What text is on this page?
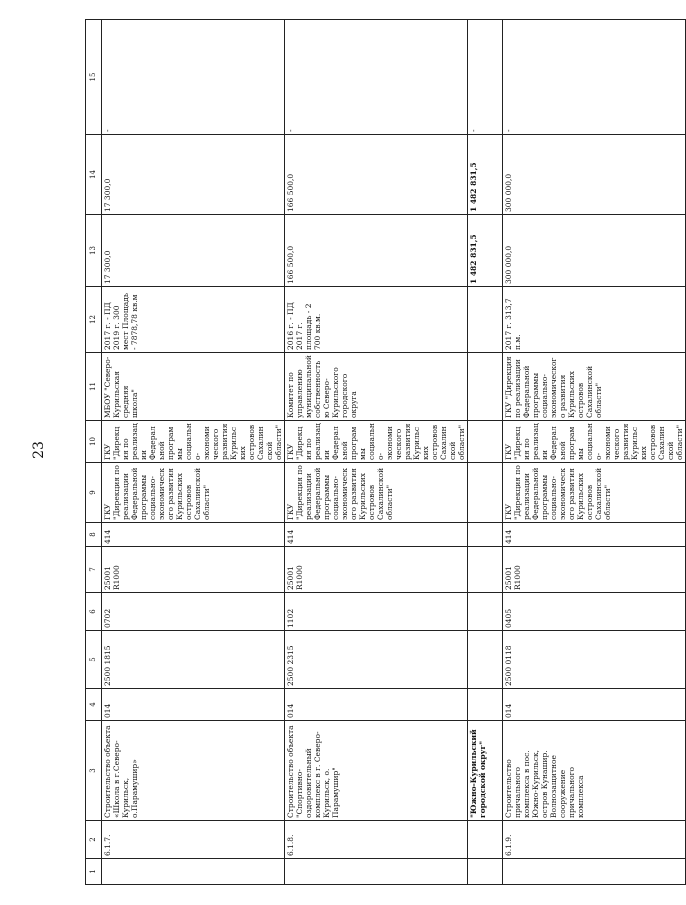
23
1	2	3	4	5	6	7	8	9	10	11	12	13	14	15
	6.1.7.	Строительство объекта «Школа в г.Северо-Курильск, о.Парамушир»	014	2500 1815	0702	25001 R1000	414	ГКУ "Дирекция по реализации Федеральной программы социально-экономического развития Курильских островов Сахалинской области"	ГКУ "Дирекция по реализации Федеральной программы социально-экономического развития Курильских островов Сахалинской области"	МБОУ "Северо-Курильская средняя школа"	2017 г. - ПД 2019 г. 300 мест Площадь - 7878,78 кв.м	17 300,0	17 300,0	-
	6.1.8.	Строительство объекта "Спортивно-оздоровительный комплекс в г. Северо-Курильск, о. Парамушир"	014	2500 2315	1102	25001 R1000	414	ГКУ "Дирекция по реализации Федеральной программы социально-экономического развития Курильских островов Сахалинской области"	ГКУ "Дирекция по реализации Федеральной программы социально-экономического развития Курильских островов Сахалинской области"	Комитет по управлению муниципальной собственностью Северо-Курильского городского округа	2016 г. - ПД 2017 г. площадь - 2 700 кв.м.	166 500,0	166 500,0	-
		"Южно-Курильский городской округ"										1 482 831,5	1 482 831,5	-
	6.1.9.	Строительство причального комплекса в пос. Южно-Курильск, остров Кунашир. Волнозащитное сооружение причального комплекса	014	2500 0118	0405	25001 R1000	414	ГКУ "Дирекция по реализации Федеральной программы социально-экономического развития Курильских островов Сахалинской области"	ГКУ "Дирекция по реализации Федеральной программы социально-экономического развития Курильских островов Сахалинской области"	ГКУ "Дирекция по реализации Федеральной программы социально-экономического развития Курильских островов Сахалинской области"	2017 г. 313,7 п.м.	300 000,0	300 000,0	-
